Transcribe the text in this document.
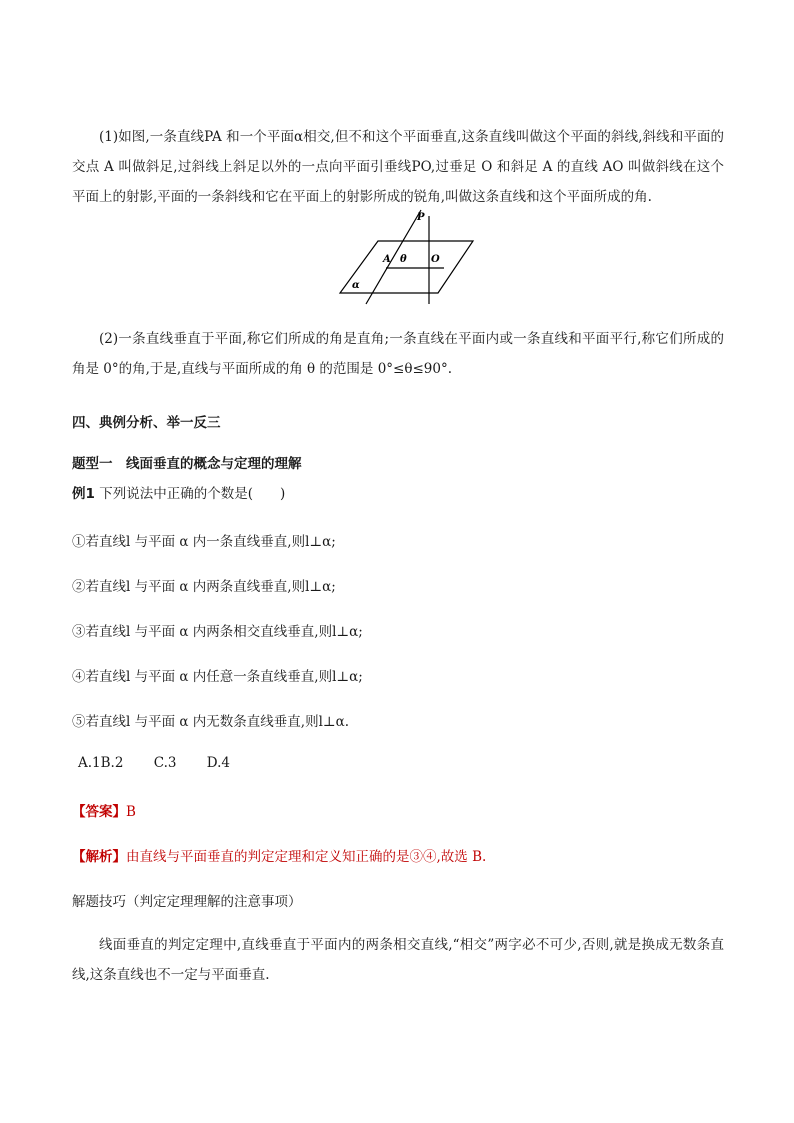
(1)如图,一条直线PA 和一个平面α相交,但不和这个平面垂直,这条直线叫做这个平面的斜线,斜线和平面的交点 A 叫做斜足,过斜线上斜足以外的一点向平面引垂线PO,过垂足 O 和斜足 A 的直线 AO 叫做斜线在这个平面上的射影,平面的一条斜线和它在平面上的射影所成的锐角,叫做这条直线和这个平面所成的角.

P
A θ O
α

(2)一条直线垂直于平面,称它们所成的角是直角;一条直线在平面内或一条直线和平面平行,称它们所成的角是 0°的角,于是,直线与平面所成的角 θ 的范围是 0°≤θ≤90°.

四、典例分析、举一反三

题型一　线面垂直的概念与定理的理解

例1 下列说法中正确的个数是(　　)

①若直线l 与平面 α 内一条直线垂直,则l⊥α;

②若直线l 与平面 α 内两条直线垂直,则l⊥α;

③若直线l 与平面 α 内两条相交直线垂直,则l⊥α;

④若直线l 与平面 α 内任意一条直线垂直,则l⊥α;

⑤若直线l 与平面 α 内无数条直线垂直,则l⊥α.

A.1B.2 C.3 D.4

【答案】B

【解析】由直线与平面垂直的判定定理和定义知正确的是③④,故选 B.

解题技巧（判定定理理解的注意事项）

线面垂直的判定定理中,直线垂直于平面内的两条相交直线,“相交”两字必不可少,否则,就是换成无数条直线,这条直线也不一定与平面垂直.
